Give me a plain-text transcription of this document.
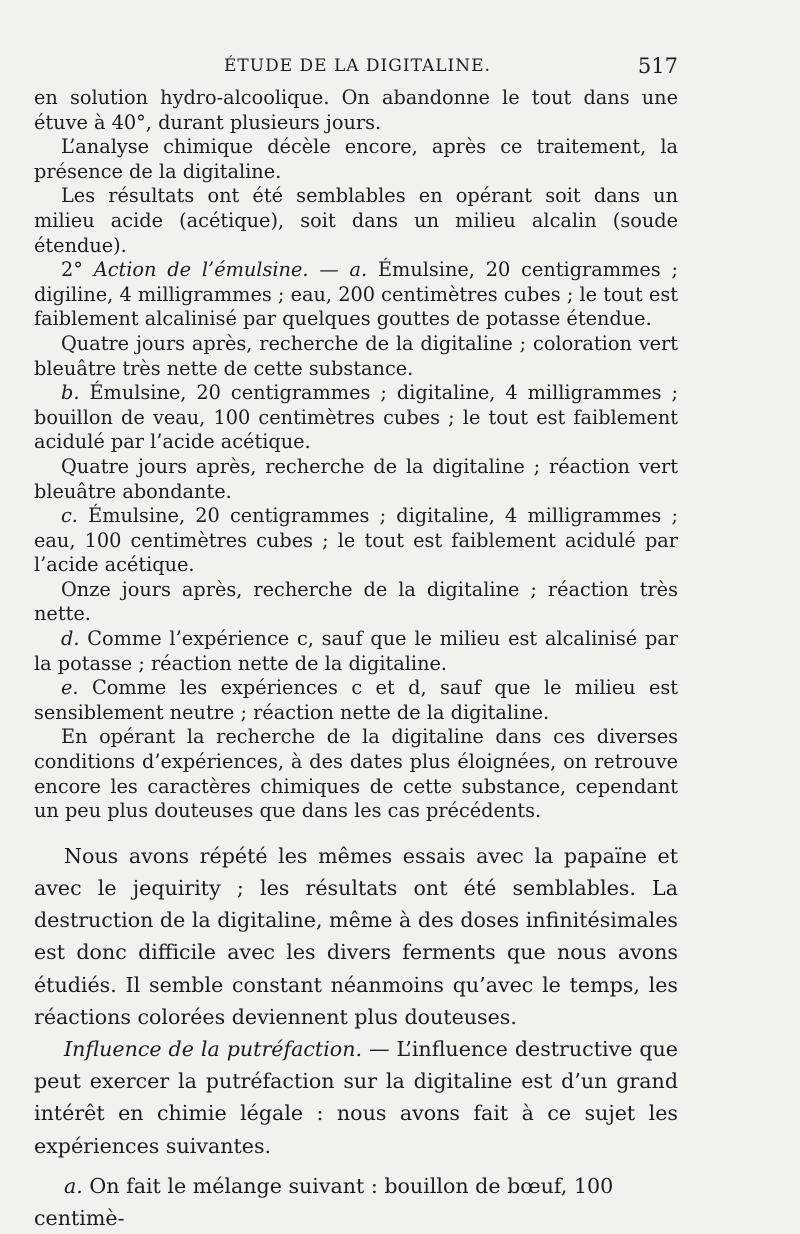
ÉTUDE DE LA DIGITALINE.	517

en solution hydro-alcoolique. On abandonne le tout dans une étuve à 40°, durant plusieurs jours.

L’analyse chimique décèle encore, après ce traitement, la présence de la digitaline.

Les résultats ont été semblables en opérant soit dans un milieu acide (acétique), soit dans un milieu alcalin (soude étendue).

2° Action de l’émulsine. — a. Émulsine, 20 centigrammes ; digiline, 4 milligrammes ; eau, 200 centimètres cubes ; le tout est faiblement alcalinisé par quelques gouttes de potasse étendue.

Quatre jours après, recherche de la digitaline ; coloration vert bleuâtre très nette de cette substance.

b. Émulsine, 20 centigrammes ; digitaline, 4 milligrammes ; bouillon de veau, 100 centimètres cubes ; le tout est faiblement acidulé par l’acide acétique.

Quatre jours après, recherche de la digitaline ; réaction vert bleuâtre abondante.

c. Émulsine, 20 centigrammes ; digitaline, 4 milligrammes ; eau, 100 centimètres cubes ; le tout est faiblement acidulé par l’acide acétique.

Onze jours après, recherche de la digitaline ; réaction très nette.

d. Comme l’expérience c, sauf que le milieu est alcalinisé par la potasse ; réaction nette de la digitaline.

e. Comme les expériences c et d, sauf que le milieu est sensiblement neutre ; réaction nette de la digitaline.

En opérant la recherche de la digitaline dans ces diverses conditions d’expériences, à des dates plus éloignées, on retrouve encore les caractères chimiques de cette substance, cependant un peu plus douteuses que dans les cas précédents.

Nous avons répété les mêmes essais avec la papaïne et avec le jequirity ; les résultats ont été semblables. La destruction de la digitaline, même à des doses infinitésimales est donc difficile avec les divers ferments que nous avons étudiés. Il semble constant néanmoins qu’avec le temps, les réactions colorées deviennent plus douteuses.

Influence de la putréfaction. — L’influence destructive que peut exercer la putréfaction sur la digitaline est d’un grand intérêt en chimie légale : nous avons fait à ce sujet les expériences suivantes.

a. On fait le mélange suivant : bouillon de bœuf, 100 centimè-
